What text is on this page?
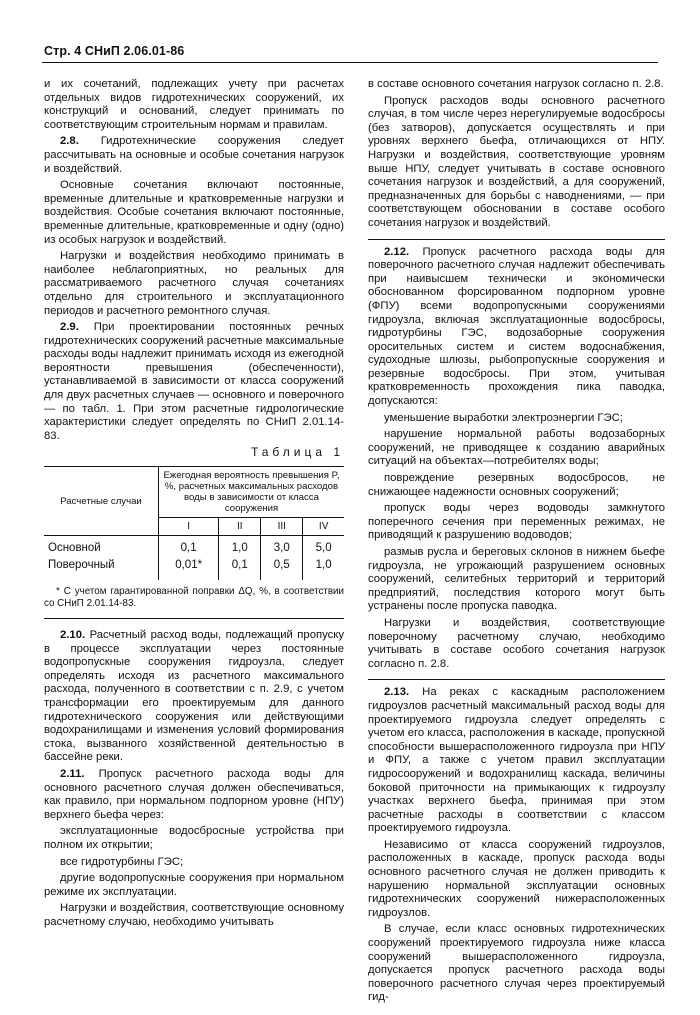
Стр. 4 СНиП 2.06.01-86

и их сочетаний, подлежащих учету при расчетах отдельных видов гидротехнических сооружений, их конструкций и оснований, следует принимать по соответствующим строительным нормам и правилам.

2.8. Гидротехнические сооружения следует рассчитывать на основные и особые сочетания нагрузок и воздействий.

Основные сочетания включают постоянные, временные длительные и кратковременные нагрузки и воздействия. Особые сочетания включают постоянные, временные длительные, кратковременные и одну (одно) из особых нагрузок и воздействий.

Нагрузки и воздействия необходимо принимать в наиболее неблагоприятных, но реальных для рассматриваемого расчетного случая сочетаниях отдельно для строительного и эксплуатационного периодов и расчетного ремонтного случая.

2.9. При проектировании постоянных речных гидротехнических сооружений расчетные максимальные расходы воды надлежит принимать исходя из ежегодной вероятности превышения (обеспеченности), устанавливаемой в зависимости от класса сооружений для двух расчетных случаев — основного и поверочного — по табл. 1. При этом расчетные гидрологические характеристики следует определять по СНиП 2.01.14-83.

Таблица 1

Расчетные случаи	Ежегодная вероятность превышения P, %, расчетных максимальных расходов воды в зависимости от класса сооружения			
	I	II	III	IV
Основной	0,1	1,0	3,0	5,0
Поверочный	0,01*	0,1	0,5	1,0
* С учетом гарантированной поправки ΔQ, %, в соответствии со СНиП 2.01.14-83.

2.10. Расчетный расход воды, подлежащий пропуску в процессе эксплуатации через постоянные водопропускные сооружения гидроузла, следует определять исходя из расчетного максимального расхода, полученного в соответствии с п. 2.9, с учетом трансформации его проектируемым для данного гидротехнического сооружения или действующими водохранилищами и изменения условий формирования стока, вызванного хозяйственной деятельностью в бассейне реки.

2.11. Пропуск расчетного расхода воды для основного расчетного случая должен обеспечиваться, как правило, при нормальном подпорном уровне (НПУ) верхнего бьефа через:

эксплуатационные водосбросные устройства при полном их открытии;

все гидротурбины ГЭС;

другие водопропускные сооружения при нормальном режиме их эксплуатации.

Нагрузки и воздействия, соответствующие основному расчетному случаю, необходимо учитывать

в составе основного сочетания нагрузок согласно п. 2.8.

Пропуск расходов воды основного расчетного случая, в том числе через нерегулируемые водосбросы (без затворов), допускается осуществлять и при уровнях верхнего бьефа, отличающихся от НПУ. Нагрузки и воздействия, соответствующие уровням выше НПУ, следует учитывать в составе основного сочетания нагрузок и воздействий, а для сооружений, предназначенных для борьбы с наводнениями, — при соответствующем обосновании в составе особого сочетания нагрузок и воздействий.

2.12. Пропуск расчетного расхода воды для поверочного расчетного случая надлежит обеспечивать при наивысшем технически и экономически обоснованном форсированном подпорном уровне (ФПУ) всеми водопропускными сооружениями гидроузла, включая эксплуатационные водосбросы, гидротурбины ГЭС, водозаборные сооружения оросительных систем и систем водоснабжения, судоходные шлюзы, рыбопропускные сооружения и резервные водосбросы. При этом, учитывая кратковременность прохождения пика паводка, допускаются:

уменьшение выработки электроэнергии ГЭС;

нарушение нормальной работы водозаборных сооружений, не приводящее к созданию аварийных ситуаций на объектах—потребителях воды;

повреждение резервных водосбросов, не снижающее надежности основных сооружений;

пропуск воды через водоводы замкнутого поперечного сечения при переменных режимах, не приводящий к разрушению водоводов;

размыв русла и береговых склонов в нижнем бьефе гидроузла, не угрожающий разрушением основных сооружений, селитебных территорий и территорий предприятий, последствия которого могут быть устранены после пропуска паводка.

Нагрузки и воздействия, соответствующие поверочному расчетному случаю, необходимо учитывать в составе особого сочетания нагрузок согласно п. 2.8.

2.13. На реках с каскадным расположением гидроузлов расчетный максимальный расход воды для проектируемого гидроузла следует определять с учетом его класса, расположения в каскаде, пропускной способности вышерасположенного гидроузла при НПУ и ФПУ, а также с учетом правил эксплуатации гидросооружений и водохранилищ каскада, величины боковой приточности на примыкающих к гидроузлу участках верхнего бьефа, принимая при этом расчетные расходы в соответствии с классом проектируемого гидроузла.

Независимо от класса сооружений гидроузлов, расположенных в каскаде, пропуск расхода воды основного расчетного случая не должен приводить к нарушению нормальной эксплуатации основных гидротехнических сооружений нижерасположенных гидроузлов.

В случае, если класс основных гидротехнических сооружений проектируемого гидроузла ниже класса сооружений вышерасположенного гидроузла, допускается пропуск расчетного расхода воды поверочного расчетного случая через проектируемый гид-
